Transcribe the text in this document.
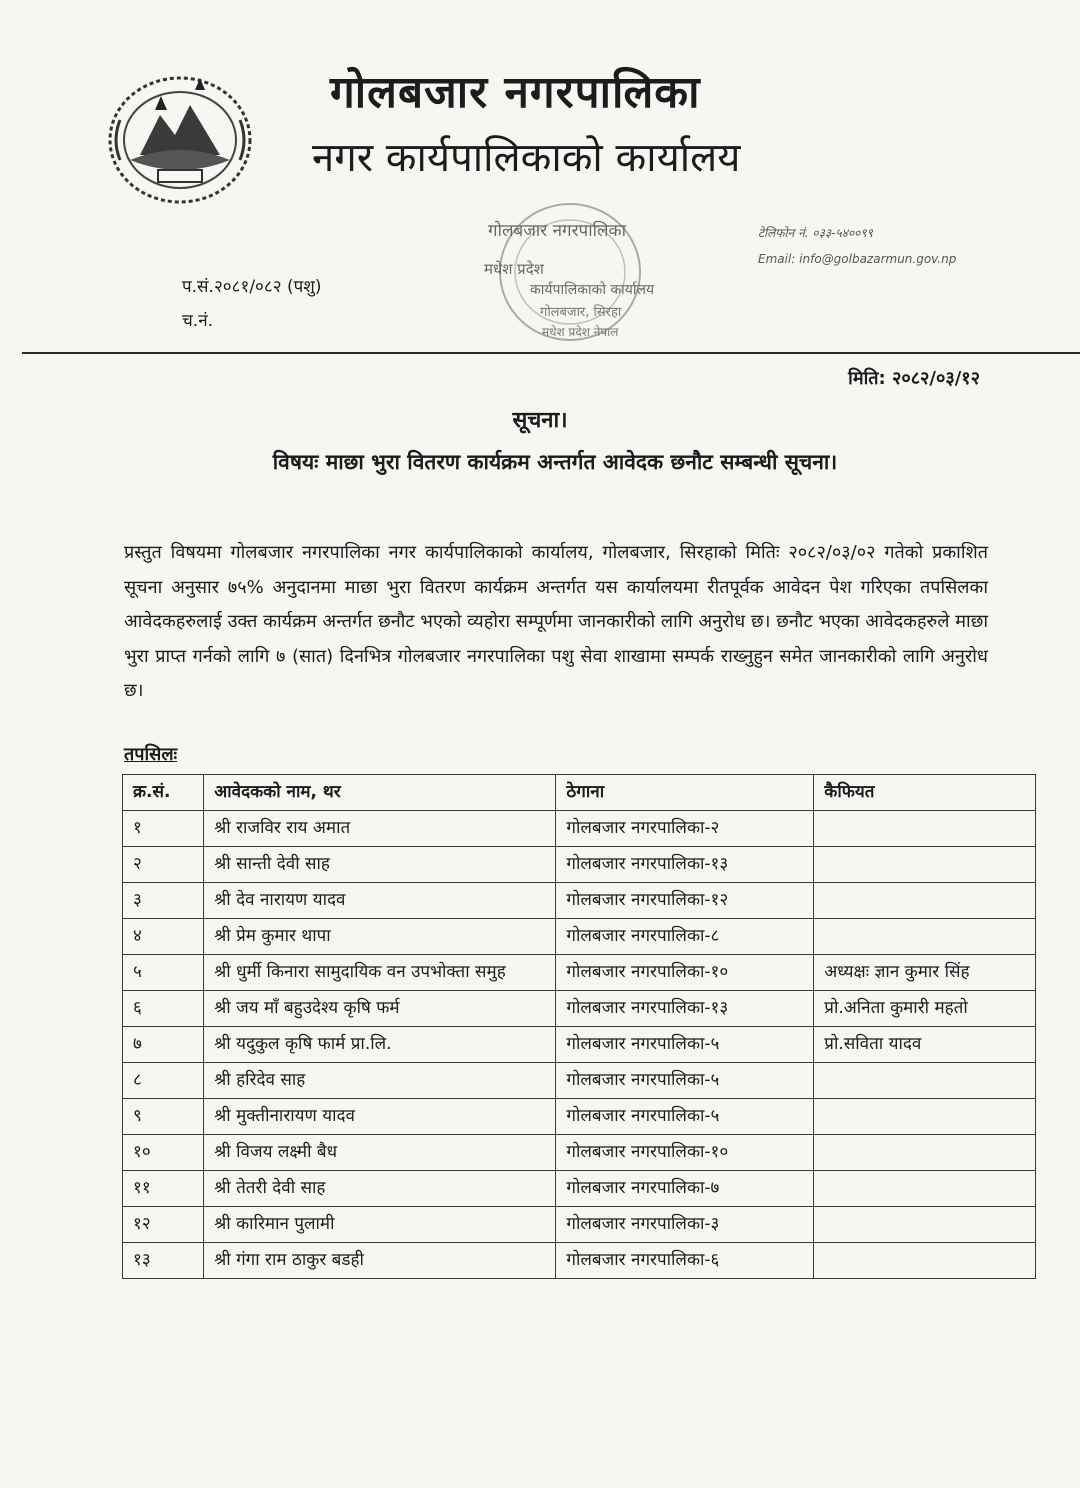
गोलबजार नगरपालिका
नगर कार्यपालिकाको कार्यालय
गोलबजार नगरपालिका
मधेश प्रदेश
कार्यपालिकाको कार्यालय
गोलबजार, सिरहा
मधेश प्रदेश नेपाल
टेलिफोन नं. ०३३-५४००९९
Email: info@golbazarmun.gov.np
प.सं.२०८१/०८२ (पशु)
च.नं.
मिति: २०८२/०३/१२
सूचना।
विषयः माछा भुरा वितरण कार्यक्रम अन्तर्गत आवेदक छनौट सम्बन्धी सूचना।
प्रस्तुत विषयमा गोलबजार नगरपालिका नगर कार्यपालिकाको कार्यालय, गोलबजार, सिरहाको मितिः २०८२/०३/०२ गतेको प्रकाशित सूचना अनुसार ७५% अनुदानमा माछा भुरा वितरण कार्यक्रम अन्तर्गत यस कार्यालयमा रीतपूर्वक आवेदन पेश गरिएका तपसिलका आवेदकहरुलाई उक्त कार्यक्रम अन्तर्गत छनौट भएको व्यहोरा सम्पूर्णमा जानकारीको लागि अनुरोध छ। छनौट भएका आवेदकहरुले माछा भुरा प्राप्त गर्नको लागि ७ (सात) दिनभित्र गोलबजार नगरपालिका पशु सेवा शाखामा सम्पर्क राख्नुहुन समेत जानकारीको लागि अनुरोध छ।
तपसिलः
क्र.सं.	आवेदकको नाम, थर	ठेगाना	कैफियत
१	श्री राजविर राय अमात	गोलबजार नगरपालिका-२	
२	श्री सान्ती देवी साह	गोलबजार नगरपालिका-१३	
३	श्री देव नारायण यादव	गोलबजार नगरपालिका-१२	
४	श्री प्रेम कुमार थापा	गोलबजार नगरपालिका-८	
५	श्री धुर्मी किनारा सामुदायिक वन उपभोक्ता समुह	गोलबजार नगरपालिका-१०	अध्यक्षः ज्ञान कुमार सिंह
६	श्री जय माँ बहुउदेश्य कृषि फर्म	गोलबजार नगरपालिका-१३	प्रो.अनिता कुमारी महतो
७	श्री यदुकुल कृषि फार्म प्रा.लि.	गोलबजार नगरपालिका-५	प्रो.सविता यादव
८	श्री हरिदेव साह	गोलबजार नगरपालिका-५	
९	श्री मुक्तीनारायण यादव	गोलबजार नगरपालिका-५	
१०	श्री विजय लक्ष्मी बैध	गोलबजार नगरपालिका-१०	
११	श्री तेतरी देवी साह	गोलबजार नगरपालिका-७	
१२	श्री कारिमान पुलामी	गोलबजार नगरपालिका-३	
१३	श्री गंगा राम ठाकुर बडही	गोलबजार नगरपालिका-६	
